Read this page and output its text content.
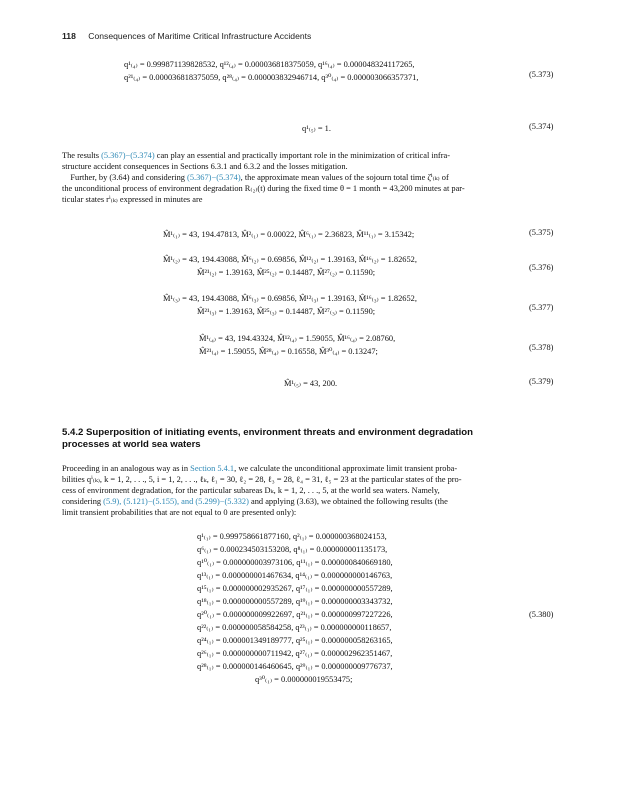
118 Consequences of Maritime Critical Infrastructure Accidents
q¹₍₄₎ = 0.999871139828532, q¹²₍₄₎ = 0.000036818375059, q¹⁶₍₄₎ = 0.000048324117265,
q²¹₍₄₎ = 0.000036818375059, q²⁸₍₄₎ = 0.000003832946714, q³⁰₍₄₎ = 0.000003066357371,	(5.373)
q¹₍₅₎ = 1.	(5.374)
The results (5.367)−(5.374) can play an essential and practically important role in the minimization of critical infra-
structure accident consequences in Sections 6.3.1 and 6.3.2 and the losses mitigation.
Further, by (3.64) and considering (5.367)−(5.374), the approximate mean values of the sojourn total time ζ̂ⁱ₍ₖ₎ of
the unconditional process of environment degradation R₍₂₎(t) during the fixed time θ = 1 month = 43,200 minutes at par-
ticular states rⁱ₍ₖ₎ expressed in minutes are
M̂¹₍₁₎ = 43, 194.47813, M̂²₍₁₎ = 0.00022, M̂⁶₍₁₎ = 2.36823, M̂¹¹₍₁₎ = 3.15342;	(5.375)
M̂¹₍₂₎ = 43, 194.43088, M̂⁶₍₂₎ = 0.69856, M̂¹²₍₂₎ = 1.39163, M̂¹⁶₍₂₎ = 1.82652,
M̂²¹₍₂₎ = 1.39163, M̂²⁵₍₂₎ = 0.14487, M̂²⁷₍₂₎ = 0.11590;
(5.376)
M̂¹₍₃₎ = 43, 194.43088, M̂⁶₍₃₎ = 0.69856, M̂¹²₍₃₎ = 1.39163, M̂¹⁶₍₃₎ = 1.82652,
M̂²¹₍₃₎ = 1.39163, M̂²⁵₍₃₎ = 0.14487, M̂²⁷₍₃₎ = 0.11590;	(5.377)
M̂¹₍₄₎ = 43, 194.43324, M̂¹²₍₄₎ = 1.59055, M̂¹⁶₍₄₎ = 2.08760,
M̂²¹₍₄₎ = 1.59055, M̂²⁸₍₄₎ = 0.16558, M̂³⁰₍₄₎ = 0.13247;	(5.378)
M̂¹₍₅₎ = 43, 200.	(5.379)
5.4.2 Superposition of initiating events, environment threats and environment degradation
processes at world sea waters
Proceeding in an analogous way as in Section 5.4.1, we calculate the unconditional approximate limit transient proba-
bilities qⁱ₍ₖ₎, k = 1, 2, . . ., 5, i = 1, 2, . . ., ℓₖ, ℓ₁ = 30, ℓ₂ = 28, ℓ₃ = 28, ℓ₄ = 31, ℓ₅ = 23 at the particular states of the pro-
cess of environment degradation, for the particular subareas Dₖ, k = 1, 2, . . ., 5, at the world sea waters. Namely,
considering (5.9), (5.121)−(5.155), and (5.299)−(5.332) and applying (3.63), we obtained the following results (the
limit transient probabilities that are not equal to 0 are presented only):
q¹₍₁₎ = 0.999758661877160, q²₍₁₎ = 0.000000368024153,
q⁶₍₁₎ = 0.000234503153208, q⁸₍₁₎ = 0.000000001135173,
q¹⁰₍₁₎ = 0.000000003973106, q¹¹₍₁₎ = 0.000000840669180,
q¹³₍₁₎ = 0.000000001467634, q¹⁴₍₁₎ = 0.000000000146763,
q¹⁵₍₁₎ = 0.000000002935267, q¹⁷₍₁₎ = 0.000000000557289,
q¹⁸₍₁₎ = 0.000000000557289, q¹⁹₍₁₎ = 0.000000003343732,
q²⁰₍₁₎ = 0.000000009922697, q²¹₍₁₎ = 0.000000997227226,
q²²₍₁₎ = 0.000000058584258, q²³₍₁₎ = 0.000000000118657,
q²⁴₍₁₎ = 0.000001349189777, q²⁵₍₁₎ = 0.000000058263165,
q²⁶₍₁₎ = 0.000000000711942, q²⁷₍₁₎ = 0.000002962351467,
q²⁸₍₁₎ = 0.000000146460645, q²⁹₍₁₎ = 0.000000009776737,
q³⁰₍₁₎ = 0.000000019553475;
(5.380)
